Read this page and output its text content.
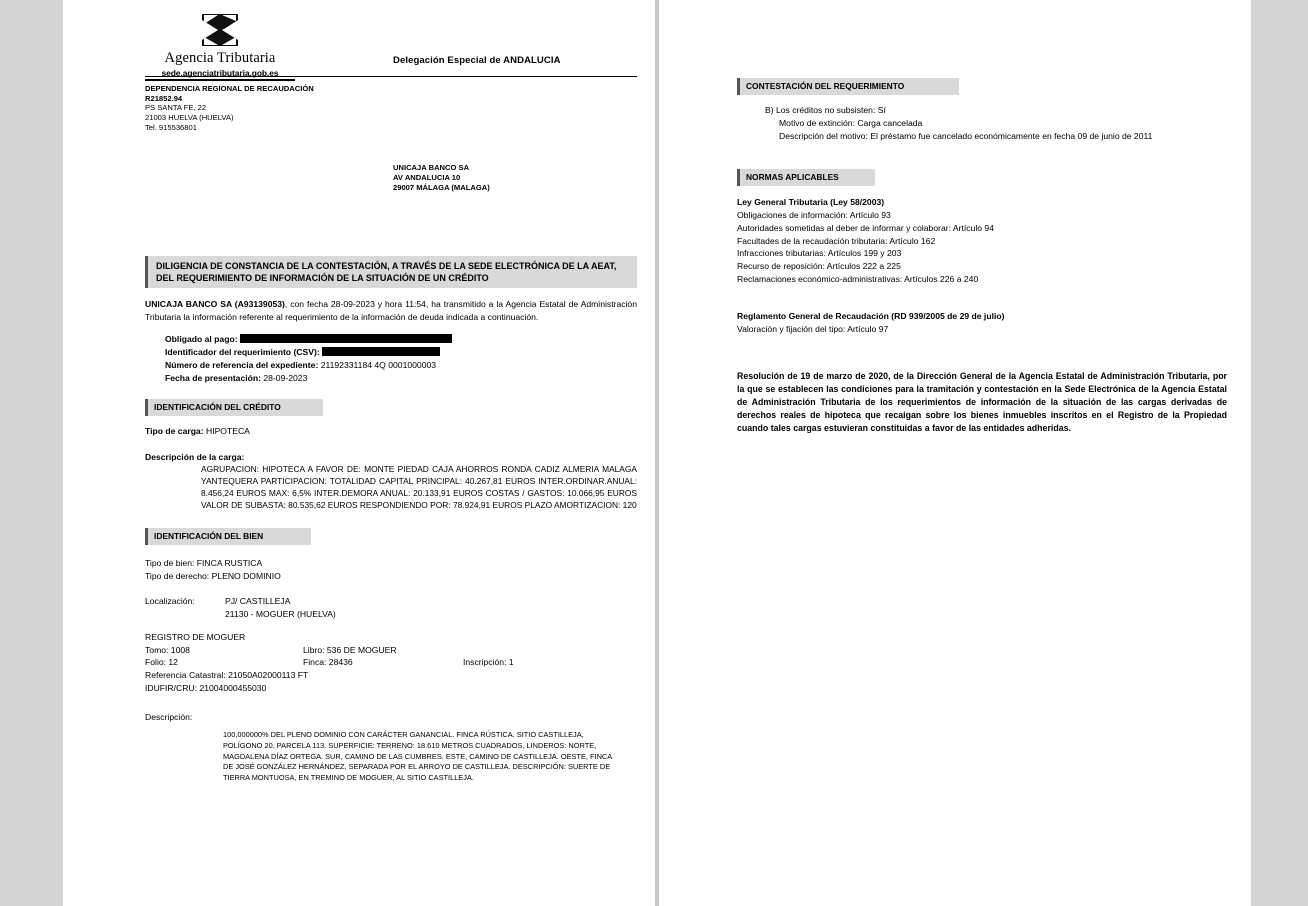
Agencia Tributaria
sede.agenciatributaria.gob.es
Delegación Especial de ANDALUCIA
DEPENDENCIA REGIONAL DE RECAUDACIÓN
R21852.94
PS SANTA FE, 22
21003 HUELVA (HUELVA)
Tel. 915536801
UNICAJA BANCO SA
AV ANDALUCIA 10
29007 MÁLAGA (MALAGA)
DILIGENCIA DE CONSTANCIA DE LA CONTESTACIÓN, A TRAVÉS DE LA SEDE ELECTRÓNICA DE LA AEAT, DEL REQUERIMIENTO DE INFORMACIÓN DE LA SITUACIÓN DE UN CRÉDITO

UNICAJA BANCO SA (A93139053), con fecha 28-09-2023 y hora 11:54, ha transmitido a la Agencia Estatal de Administración Tributaria la información referente al requerimiento de la información de deuda indicada a continuación.

Obligado al pago:
Identificador del requerimiento (CSV):
Número de referencia del expediente: 21192331184 4Q 0001000003
Fecha de presentación: 28-09-2023
IDENTIFICACIÓN DEL CRÉDITO
Tipo de carga: HIPOTECA
Descripción de la carga:
AGRUPACION: HIPOTECA A FAVOR DE: MONTE PIEDAD CAJA AHORROS RONDA CADIZ ALMERIA MALAGA YANTEQUERA PARTICIPACION: TOTALIDAD CAPITAL PRINCIPAL: 40.267,81 EUROS INTER.ORDINAR.ANUAL: 8.456,24 EUROS MAX: 6,5% INTER.DEMORA ANUAL: 20.133,91 EUROS COSTAS / GASTOS: 10.066,95 EUROS VALOR DE SUBASTA: 80.535,62 EUROS RESPONDIENDO POR: 78.924,91 EUROS PLAZO AMORTIZACION: 120
IDENTIFICACIÓN DEL BIEN
Tipo de bien: FINCA RUSTICA
Tipo de derecho: PLENO DOMINIO
Localización:	PJ/ CASTILLEJA
21130 - MOGUER (HUELVA)
REGISTRO DE MOGUER
Tomo: 1008	Libro: 536 DE MOGUER
Folio: 12	Finca: 28436	Inscripción: 1
Referencia Catastral: 21050A02000113 FT
IDUFIR/CRU: 21004000455030
Descripción:
100,000000% DEL PLENO DOMINIO CON CARÁCTER GANANCIAL. FINCA RÚSTICA. SITIO CASTILLEJA, POLÍGONO 20, PARCELA 113. SUPERFICIE: TERRENO: 18.610 METROS CUADRADOS, LINDEROS: NORTE, MAGDALENA DÍAZ ORTEGA. SUR, CAMINO DE LAS CUMBRES. ESTE, CAMINO DE CASTILLEJA. OESTE, FINCA DE JOSÉ GONZÁLEZ HERNÁNDEZ, SEPARADA POR EL ARROYO DE CASTILLEJA. DESCRIPCIÓN: SUERTE DE TIERRA MONTUOSA, EN TREMINO DE MOGUER, AL SITIO CASTILLEJA.
CONTESTACIÓN DEL REQUERIMIENTO
B) Los créditos no subsisten: Sí
Motivo de extinción: Carga cancelada
Descripción del motivo: El préstamo fue cancelado económicamente en fecha 09 de junio de 2011
NORMAS APLICABLES
Ley General Tributaria (Ley 58/2003)
Obligaciones de información: Artículo 93
Autoridades sometidas al deber de informar y colaborar: Artículo 94
Facultades de la recaudación tributaria: Artículo 162
Infracciones tributarias: Artículos 199 y 203
Recurso de reposición: Artículos 222 a 225
Reclamaciones económico-administrativas: Artículos 226 a 240
Reglamento General de Recaudación (RD 939/2005 de 29 de julio)
Valoración y fijación del tipo: Artículo 97
Resolución de 19 de marzo de 2020, de la Dirección General de la Agencia Estatal de Administración Tributaria, por la que se establecen las condiciones para la tramitación y contestación en la Sede Electrónica de la Agencia Estatal de Administración Tributaria de los requerimientos de información de la situación de las cargas derivadas de derechos reales de hipoteca que recaigan sobre los bienes inmuebles inscritos en el Registro de la Propiedad cuando tales cargas estuvieran constituidas a favor de las entidades adheridas.
